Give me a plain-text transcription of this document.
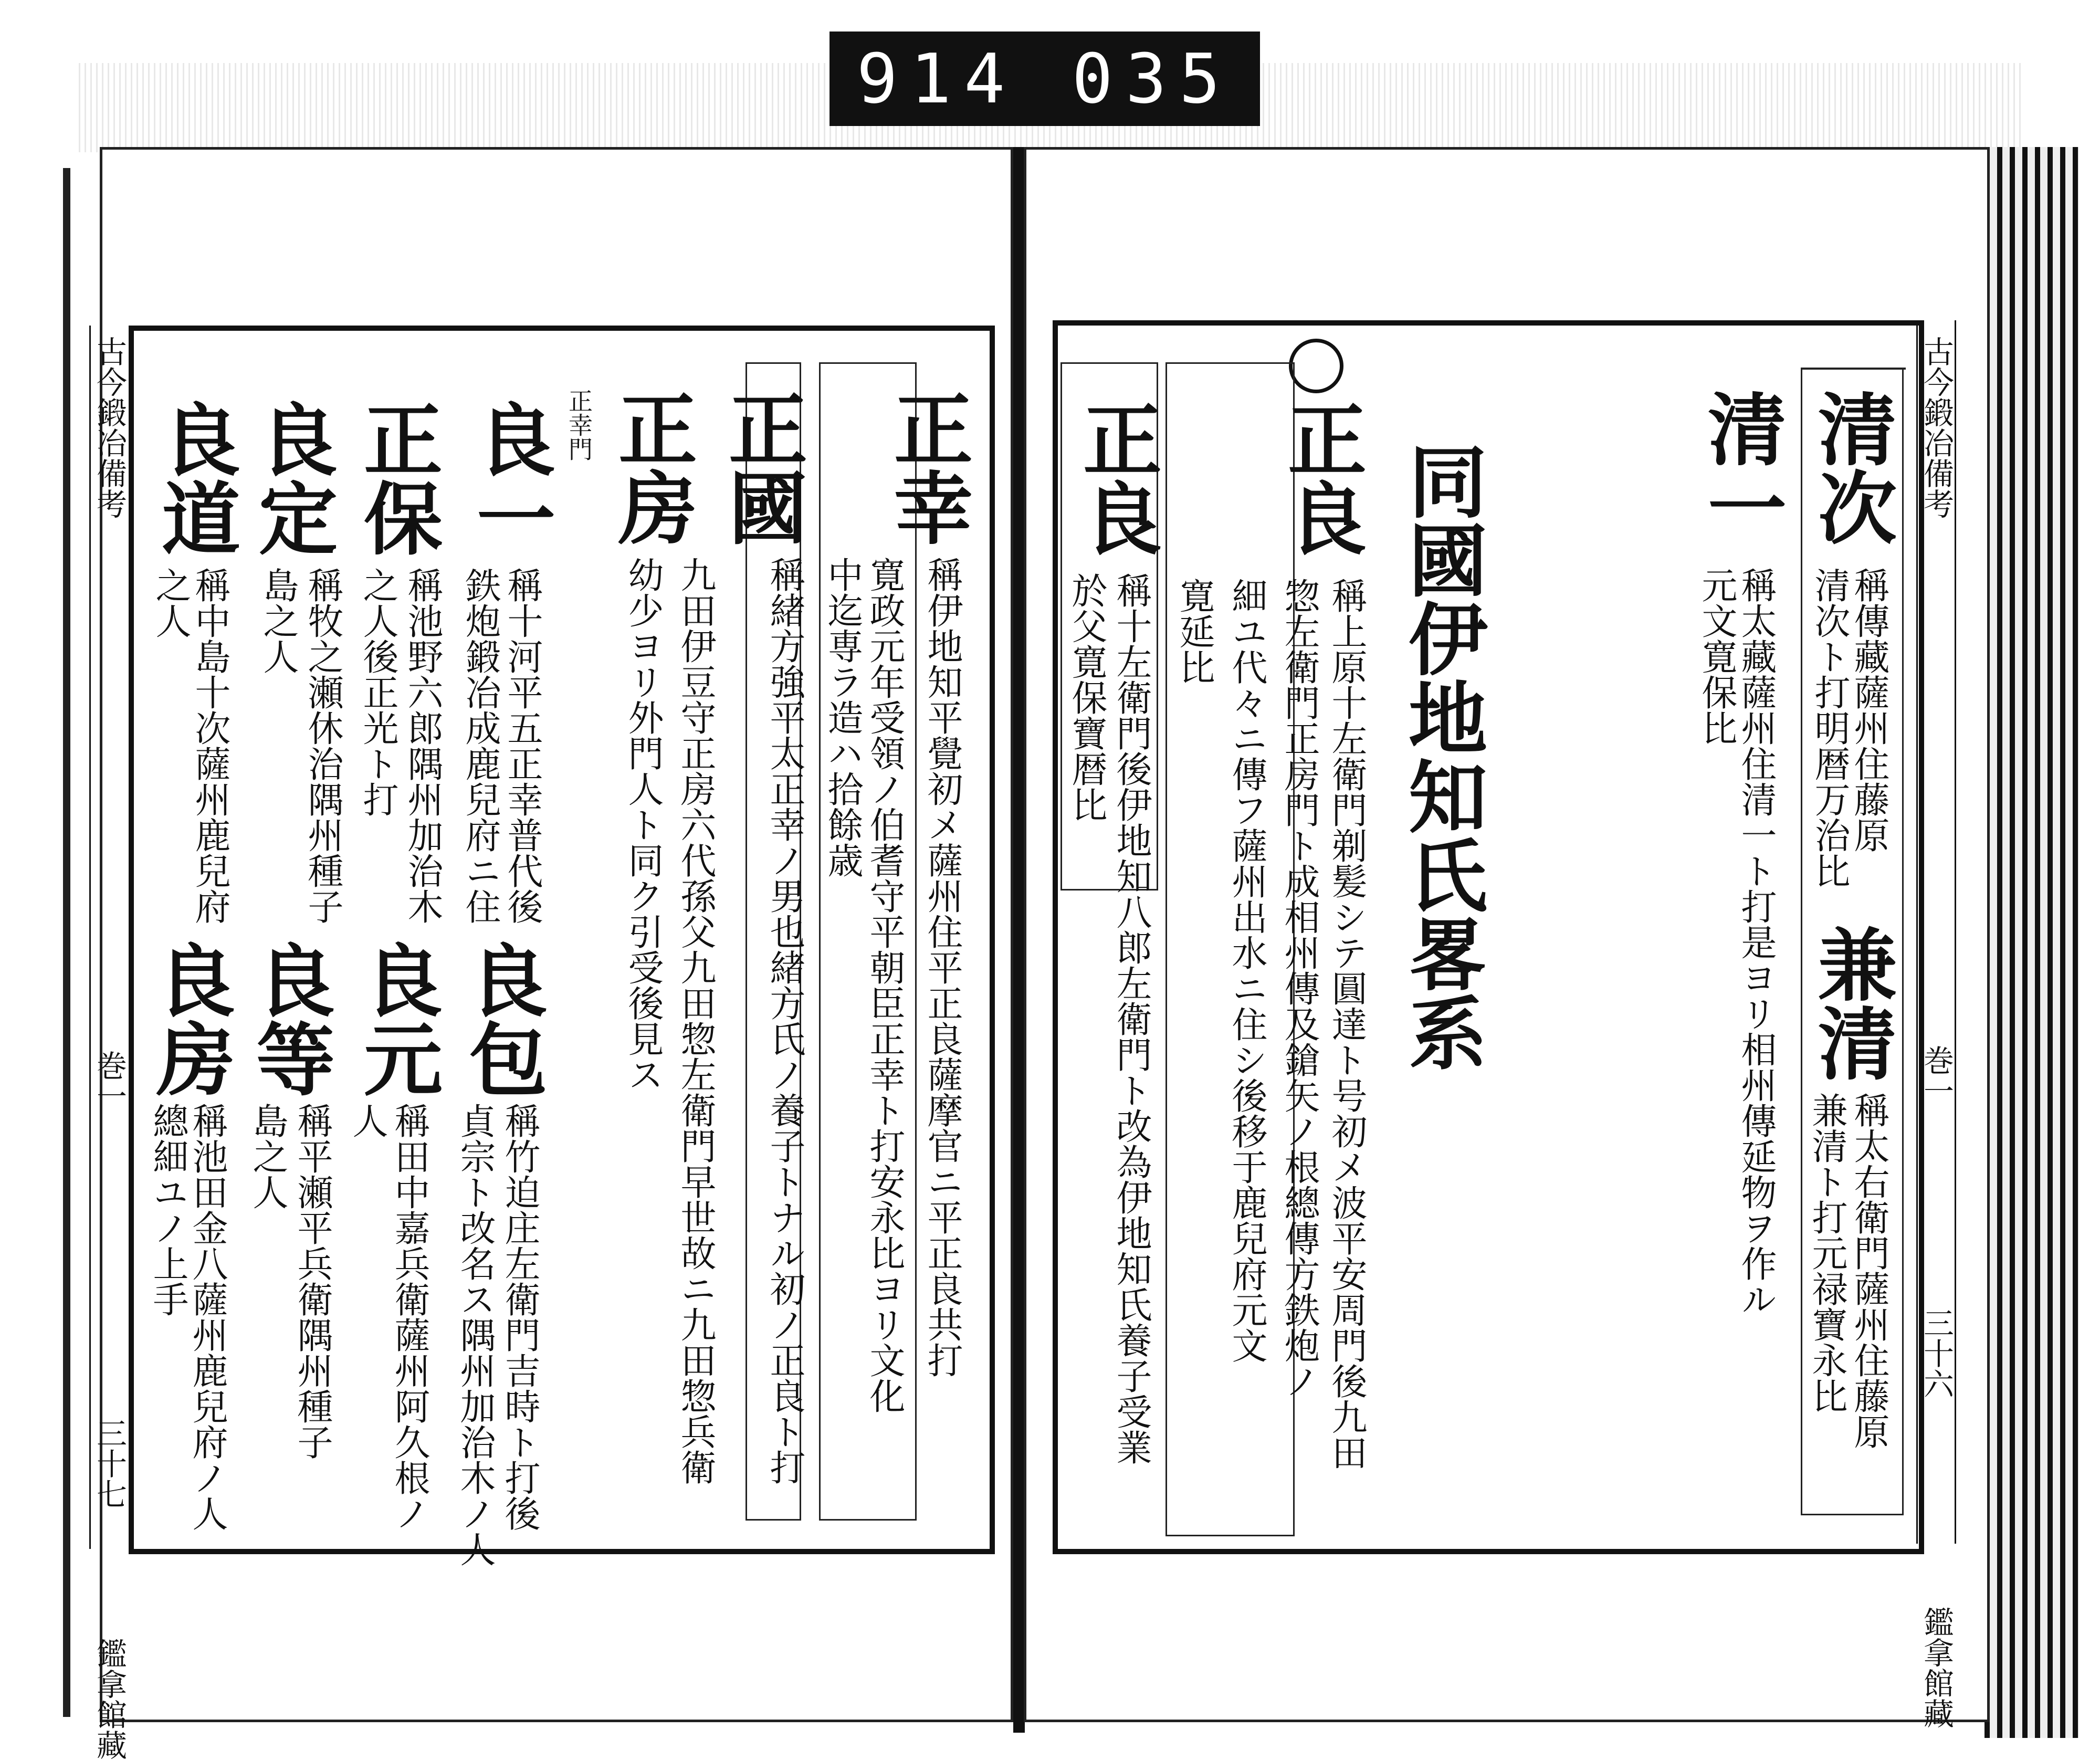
914 035
古今鍛冶備考
巻一
三十七
鑑拿館藏
正幸
稱伊地知平覺初メ薩州住平正良薩摩官ニ平正良共打
寛政元年受領ノ伯耆守平朝臣正幸ト打安永比ヨリ文化
中迄専ラ造ハ拾餘歳
正國
稱緒方強平太正幸ノ男也緒方氏ノ養子トナル初ノ正良ト打
正房
九田伊豆守正房六代孫父九田惣左衛門早世故ニ九田惣兵衛
幼少ヨリ外門人ト同ク引受後見ス
正幸門
良一
稱十河平五正幸普代後
鉄炮鍛冶成鹿兒府ニ住
正保
稱池野六郎隅州加治木
之人後正光ト打
良定
稱牧之瀬休治隅州種子
島之人
良道
稱中島十次薩州鹿兒府
之人
良包
稱竹迫庄左衛門吉時ト打後
貞宗ト改名ス隅州加治木ノ人
良元
稱田中嘉兵衛薩州阿久根ノ
人
良等
稱平瀬平兵衛隅州種子
島之人
良房
稱池田金八薩州鹿兒府ノ人
總細ユノ上手
古今鍛冶備考
巻一
三十六
鑑拿館藏
清次
稱傳藏薩州住藤原
清次ト打明暦万治比
清一
稱太藏薩州住清一ト打是ヨリ相州傳延物ヲ作ル
元文寛保比
兼清
稱太右衛門薩州住藤原
兼清ト打元禄寶永比
同國伊地知氏畧系
正良
稱上原十左衛門剃髪シテ圓達ト号初メ波平安周門後九田
惣左衛門正房門ト成相州傳及鎗矢ノ根總傳方鉄炮ノ
細ユ代々ニ傳フ薩州出水ニ住シ後移于鹿兒府元文
寛延比
正良
稱十左衛門後伊地知八郎左衛門ト改為伊地知氏養子受業
於父寛保寶暦比
